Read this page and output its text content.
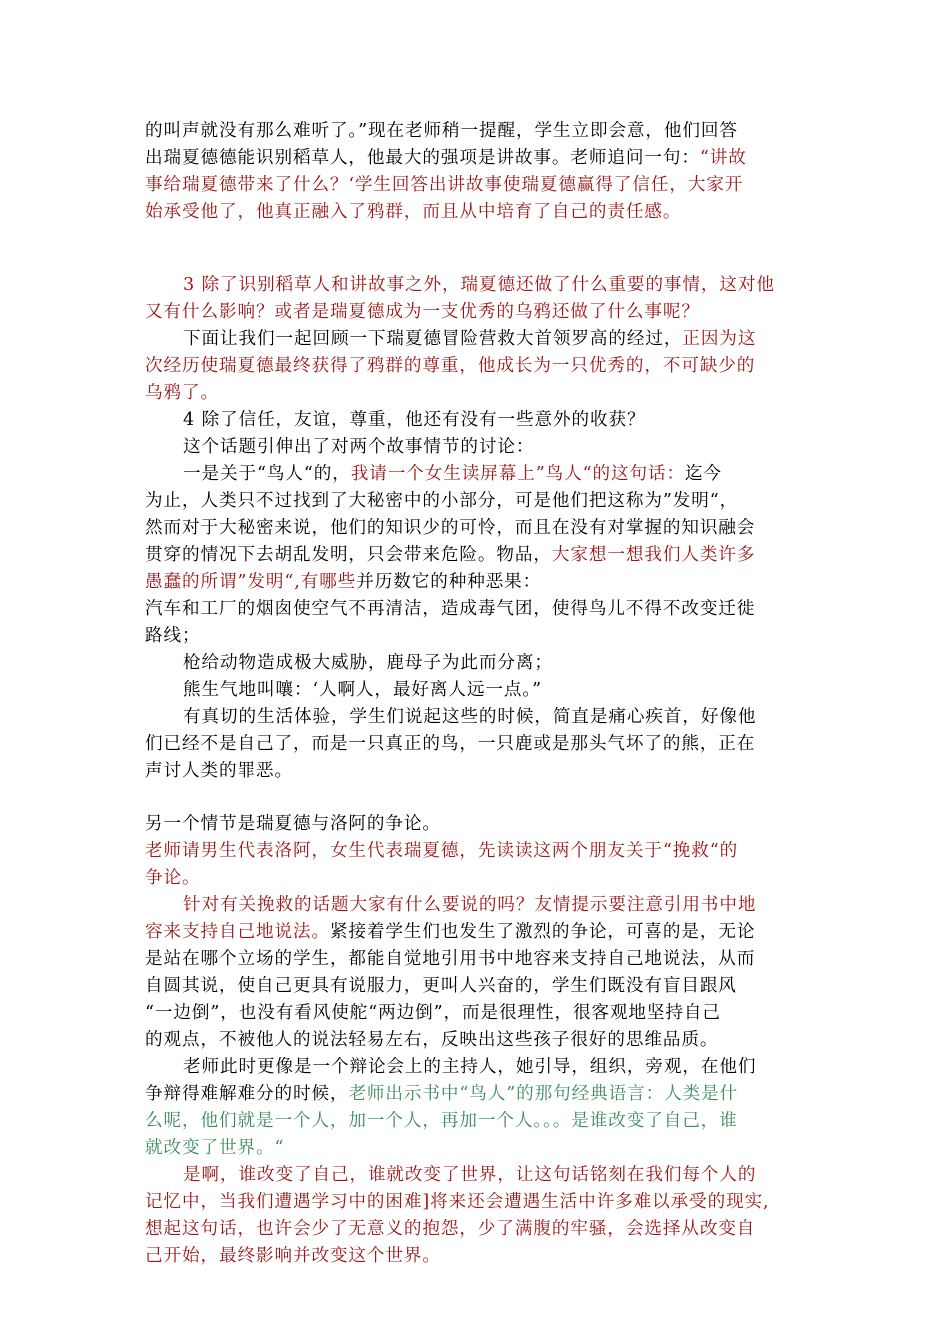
的叫声就没有那么难听了。”现在老师稍一提醒，学生立即会意，他们回答
出瑞夏德德能识别稻草人，他最大的强项是讲故事。老师追问一句：“讲故
事给瑞夏德带来了什么？‘学生回答出讲故事使瑞夏德赢得了信任，大家开
始承受他了，他真正融入了鸦群，而且从中培育了自己的责任感。
3 除了识别稻草人和讲故事之外，瑞夏德还做了什么重要的事情，这对他
又有什么影响？或者是瑞夏德成为一支优秀的乌鸦还做了什么事呢？
下面让我们一起回顾一下瑞夏德冒险营救大首领罗高的经过，正因为这
次经历使瑞夏德最终获得了鸦群的尊重，他成长为一只优秀的，不可缺少的
乌鸦了。
4 除了信任，友谊，尊重，他还有没有一些意外的收获？
这个话题引伸出了对两个故事情节的讨论：
一是关于“鸟人“的，我请一个女生读屏幕上”鸟人“的这句话：迄今
为止，人类只不过找到了大秘密中的小部分，可是他们把这称为”发明“，
然而对于大秘密来说，他们的知识少的可怜，而且在没有对掌握的知识融会
贯穿的情况下去胡乱发明，只会带来危险。物品，大家想一想我们人类许多
愚蠢的所谓”发明“,有哪些并历数它的种种恶果：
汽车和工厂的烟囱使空气不再清洁，造成毒气团，使得鸟儿不得不改变迁徙
路线；
枪给动物造成极大威胁，鹿母子为此而分离；
熊生气地叫嚷：‘人啊人，最好离人远一点。”
有真切的生活体验，学生们说起这些的时候，简直是痛心疾首，好像他
们已经不是自己了，而是一只真正的鸟，一只鹿或是那头气坏了的熊，正在
声讨人类的罪恶。
另一个情节是瑞夏德与洛阿的争论。
老师请男生代表洛阿，女生代表瑞夏德，先读读这两个朋友关于“挽救“的
争论。
针对有关挽救的话题大家有什么要说的吗？友情提示要注意引用书中地
容来支持自己地说法。紧接着学生们也发生了激烈的争论，可喜的是，无论
是站在哪个立场的学生，都能自觉地引用书中地容来支持自己地说法，从而
自圆其说，使自己更具有说服力，更叫人兴奋的，学生们既没有盲目跟风
“一边倒”，也没有看风使舵“两边倒”，而是很理性，很客观地坚持自己
的观点，不被他人的说法轻易左右，反映出这些孩子很好的思维品质。
老师此时更像是一个辩论会上的主持人，她引导，组织，旁观，在他们
争辩得难解难分的时候，老师出示书中“鸟人”的那句经典语言：人类是什
么呢，他们就是一个人，加一个人，再加一个人。。。是谁改变了自己，谁
就改变了世界。“
是啊，谁改变了自己，谁就改变了世界，让这句话铭刻在我们每个人的
记忆中，当我们遭遇学习中的困难]将来还会遭遇生活中许多难以承受的现实,
想起这句话，也许会少了无意义的抱怨，少了满腹的牢骚，会选择从改变自
己开始，最终影响并改变这个世界。
